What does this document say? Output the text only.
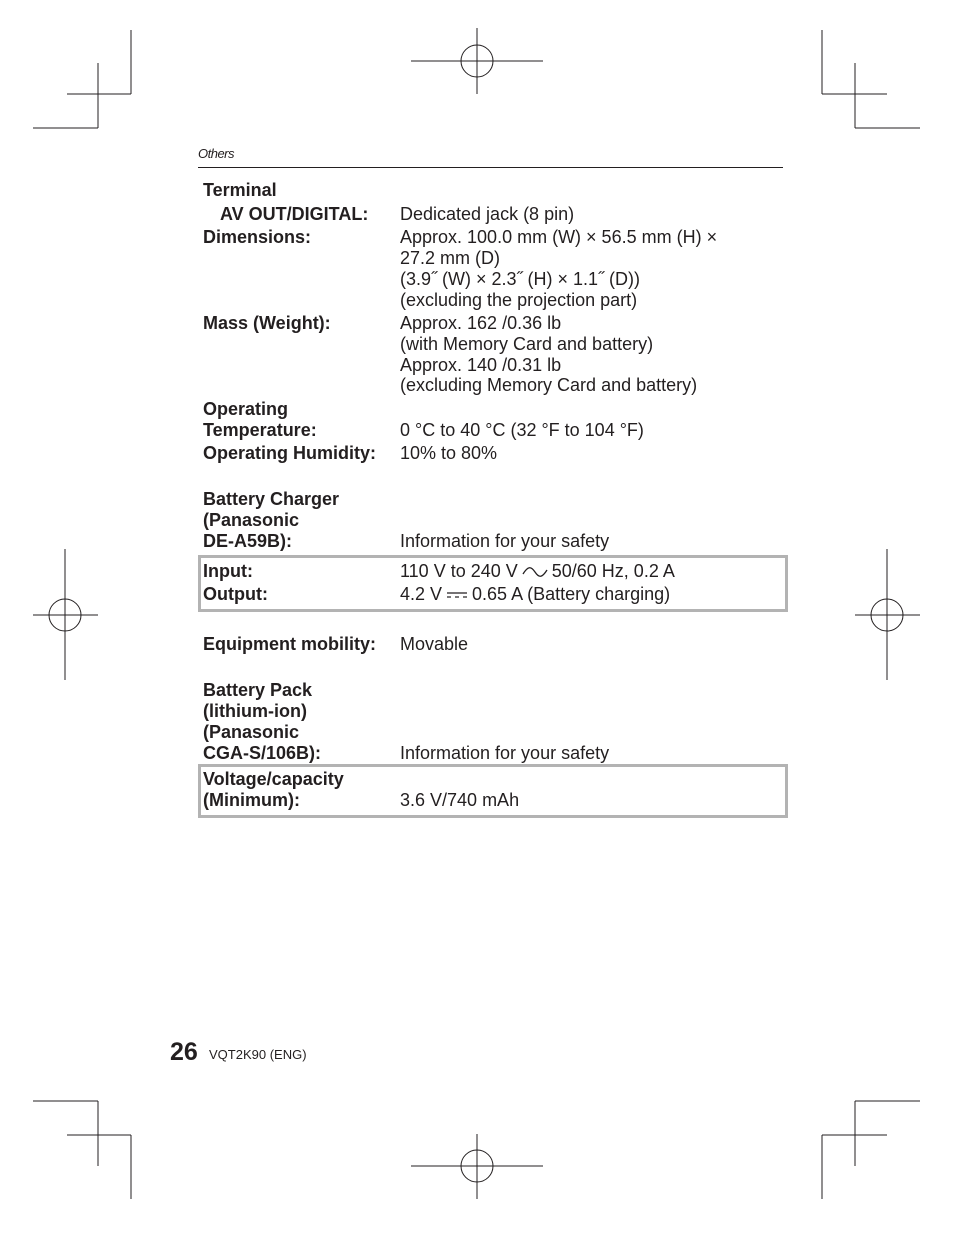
Others
Terminal
AV OUT/DIGITAL: Dedicated jack (8 pin)
Dimensions:	Approx. 100.0 mm (W) × 56.5 mm (H) ×
27.2 mm (D)
(3.9˝ (W) × 2.3˝ (H) × 1.1˝ (D))
(excluding the projection part)
Mass (Weight):	Approx. 162 /0.36 lb
(with Memory Card and battery)
Approx. 140 /0.31 lb
(excluding Memory Card and battery)
Operating
Temperature:	0 °C to 40 °C (32 °F to 104 °F)
Operating Humidity: 10% to 80%
Battery Charger
(Panasonic
DE-A59B):	Information for your safety
Input:	110 V to 240 V 50/60 Hz, 0.2 A
Output:	4.2 V 0.65 A (Battery charging)
Equipment mobility: Movable
Battery Pack
(lithium-ion)
(Panasonic
CGA-S/106B):	Information for your safety
Voltage/capacity
(Minimum):	3.6 V/740 mAh
26 VQT2K90 (ENG)
